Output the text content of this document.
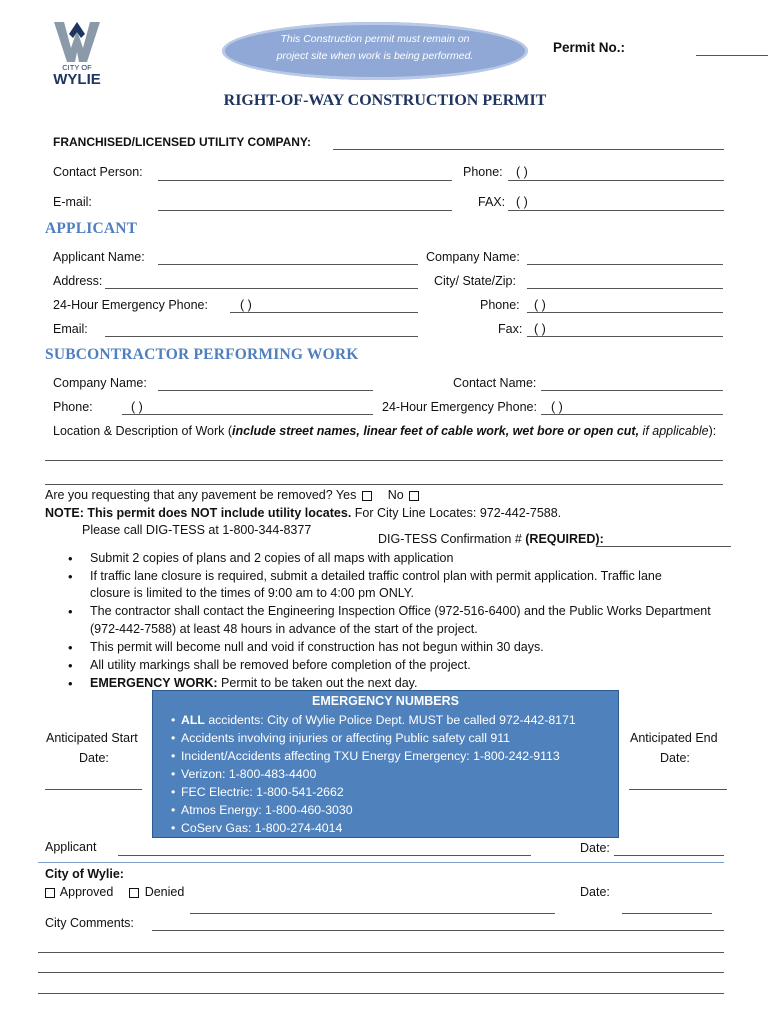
CITY OF
WYLIE
This Construction permit must remain on
project site when work is being performed.
Permit No.:
RIGHT-OF-WAY CONSTRUCTION PERMIT
FRANCHISED/LICENSED UTILITY COMPANY:
Contact Person:	Phone: ( )
E-mail:	FAX: ( )
APPLICANT
Applicant Name:	Company Name:
Address:	City/ State/Zip:
24-Hour Emergency Phone:	( )	Phone: ( )
Email:	Fax: ( )
SUBCONTRACTOR PERFORMING WORK
Company Name:	Contact Name:
Phone:	( )	24-Hour Emergency Phone: ( )
Location & Description of Work (include street names, linear feet of cable work, wet bore or open cut, if applicable):
Are you requesting that any pavement be removed? Yes	No
NOTE: This permit does NOT include utility locates. For City Line Locates: 972-442-7588.
Please call DIG-TESS at 1-800-344-8377
DIG-TESS Confirmation # (REQUIRED):
• Submit 2 copies of plans and 2 copies of all maps with application
• If traffic lane closure is required, submit a detailed traffic control plan with permit application. Traffic lane
closure is limited to the times of 9:00 am to 4:00 pm ONLY.
• The contractor shall contact the Engineering Inspection Office (972-516-6400) and the Public Works Department
(972-442-7588) at least 48 hours in advance of the start of the project.
• This permit will become null and void if construction has not begun within 30 days.
• All utility markings shall be removed before completion of the project.
• EMERGENCY WORK: Permit to be taken out the next day.
EMERGENCY NUMBERS
• ALL accidents: City of Wylie Police Dept. MUST be called 972-442-8171
• Accidents involving injuries or affecting Public safety call 911
• Incident/Accidents affecting TXU Energy Emergency: 1-800-242-9113
• Verizon: 1-800-483-4400
• FEC Electric: 1-800-541-2662
• Atmos Energy: 1-800-460-3030
• CoServ Gas: 1-800-274-4014
Anticipated Start
Date:
Anticipated End
Date:
Applicant	Date:
City of Wylie:
Approved	Denied	Date:
City Comments:
